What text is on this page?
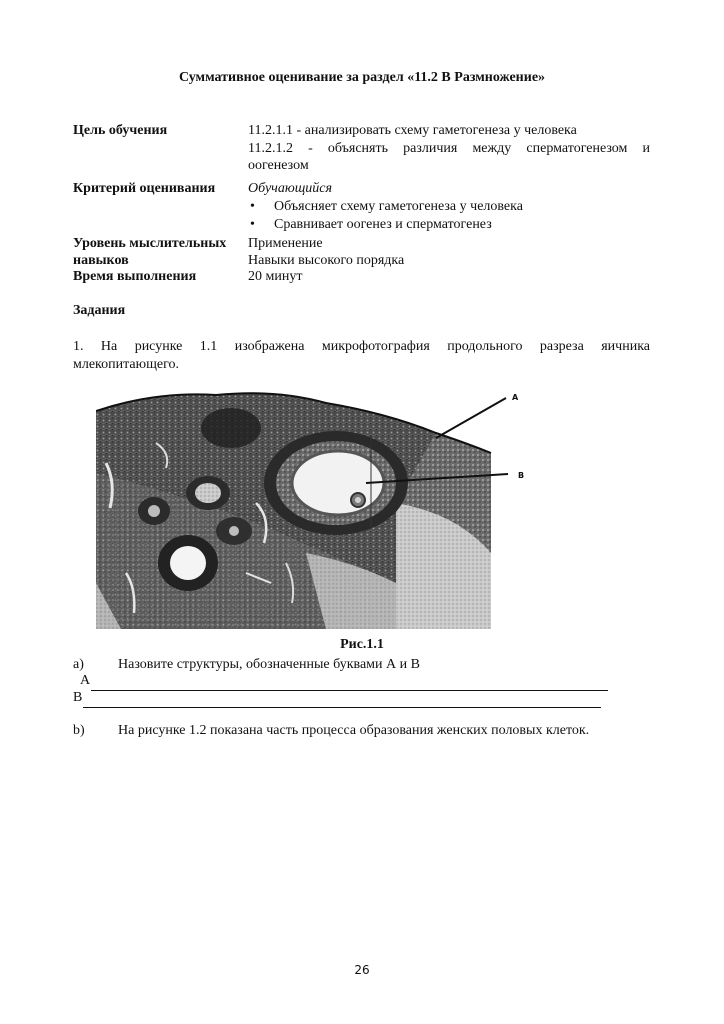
Суммативное оценивание за раздел «11.2 В Размножение»
Цель обучения	11.2.1.1 - анализировать схему гаметогенеза у человека
11.2.1.2 - объяснять различия между сперматогенезом и
оогенезом
Критерий оценивания Обучающийся
• Объясняет схему гаметогенеза у человека
• Сравнивает оогенез и сперматогенез
Уровень мыслительных
навыков
Применение
Навыки высокого порядка
Время выполнения	20 минут
Задания
1. На рисунке 1.1 изображена микрофотография продольного разреза яичника
млекопитающего.
A
B
Рис.1.1
a) Назовите структуры, обозначенные буквами А и В
A
B
b) На рисунке 1.2 показана часть процесса образования женских половых клеток.
26
